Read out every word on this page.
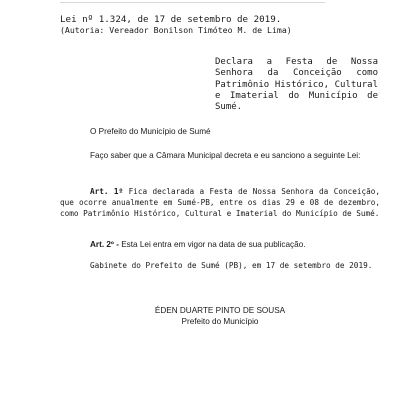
Lei nº 1.324, de 17 de setembro de 2019.
(Autoria: Vereador Bonilson Timóteo M. de Lima)
Declara a Festa de Nossa Senhora da Conceição como Patrimônio Histórico, Cultural e Imaterial do Município de Sumé.
O Prefeito do Município de Sumé
Faço saber que a Câmara Municipal decreta e eu sanciono a seguinte Lei:
Art. 1º Fica declarada a Festa de Nossa Senhora da Conceição, que ocorre anualmente em Sumé-PB, entre os dias 29 e 08 de dezembro, como Patrimônio Histórico, Cultural e Imaterial do Município de Sumé.
Art. 2º - Esta Lei entra em vigor na data de sua publicação.
Gabinete do Prefeito de Sumé (PB), em 17 de setembro de 2019.
ÉDEN DUARTE PINTO DE SOUSA
Prefeito do Município
